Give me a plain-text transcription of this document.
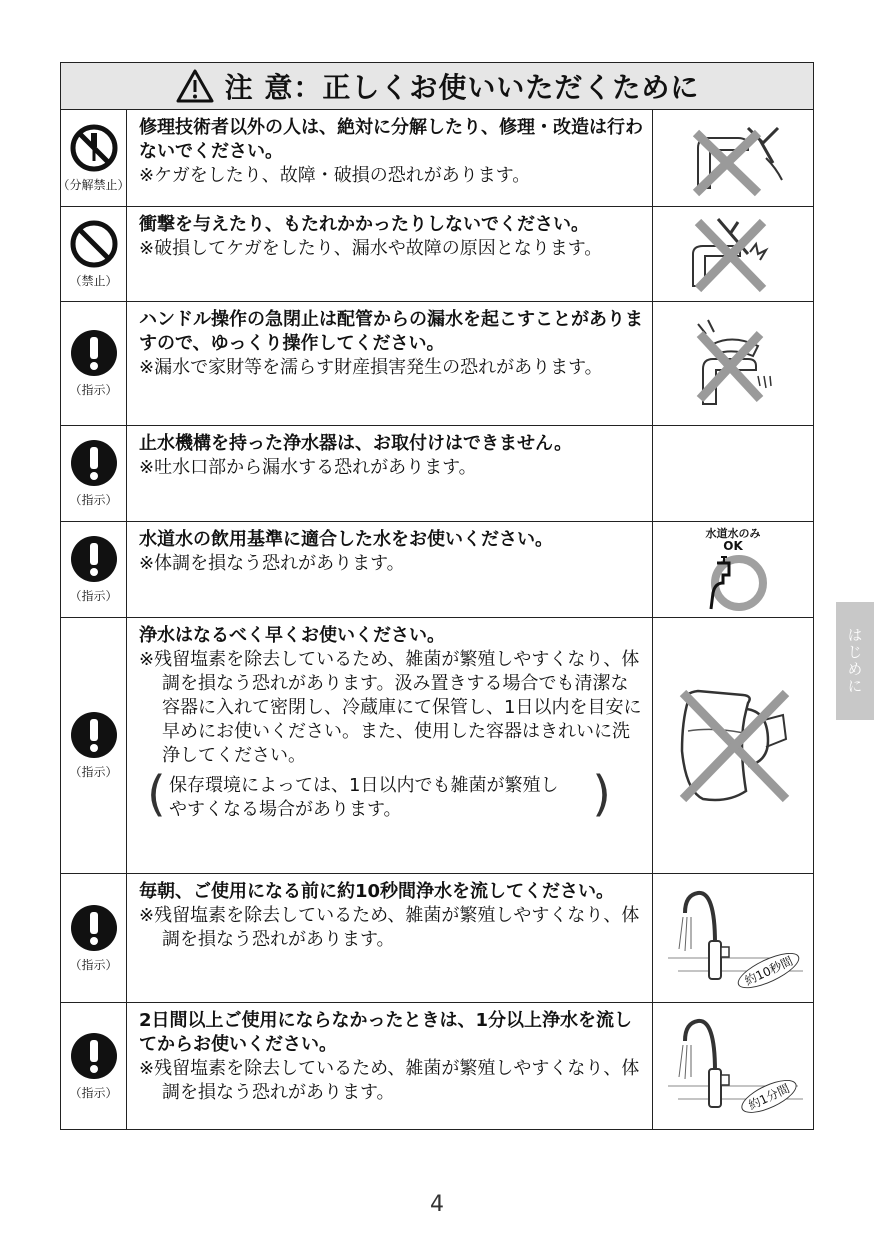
注 意：正しくお使いいただくために
（分解禁止）
修理技術者以外の人は、絶対に分解したり、修理・改造は行わないでください。
※ケガをしたり、故障・破損の恐れがあります。
（禁止）
衝撃を与えたり、もたれかかったりしないでください。
※破損してケガをしたり、漏水や故障の原因となります。
（指示）
ハンドル操作の急閉止は配管からの漏水を起こすことがありますので、ゆっくり操作してください。
※漏水で家財等を濡らす財産損害発生の恐れがあります。
（指示）
止水機構を持った浄水器は、お取付けはできません。
※吐水口部から漏水する恐れがあります。
（指示）
水道水の飲用基準に適合した水をお使いください。
※体調を損なう恐れがあります。
水道水のみ
OK
（指示）
浄水はなるべく早くお使いください。
※残留塩素を除去しているため、雑菌が繁殖しやすくなり、体調を損なう恐れがあります。汲み置きする場合でも清潔な容器に入れて密閉し、冷蔵庫にて保管し、1日以内を目安に早めにお使いください。また、使用した容器はきれいに洗浄してください。
( 保存環境によっては、1日以内でも雑菌が繁殖しやすくなる場合があります。 )
（指示）
毎朝、ご使用になる前に約10秒間浄水を流してください。
※残留塩素を除去しているため、雑菌が繁殖しやすくなり、体調を損なう恐れがあります。
約10秒間
（指示）
2日間以上ご使用にならなかったときは、1分以上浄水を流してからお使いください。
※残留塩素を除去しているため、雑菌が繁殖しやすくなり、体調を損なう恐れがあります。	約1分間
はじめに
4
